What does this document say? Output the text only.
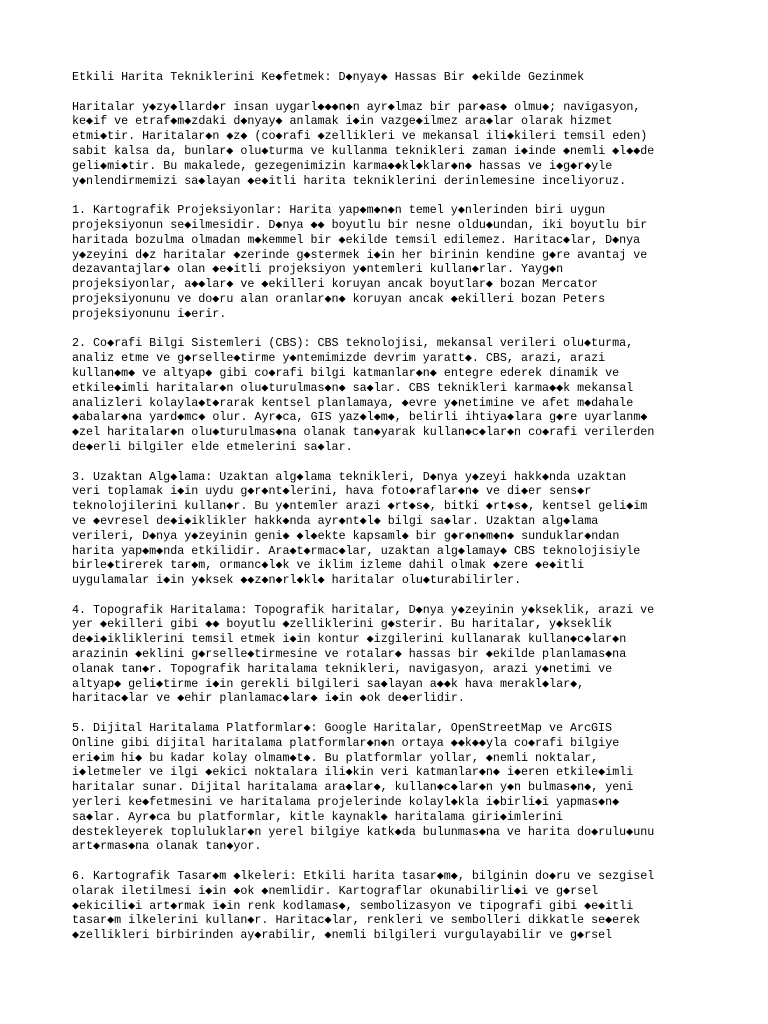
Etkili Harita Tekniklerini Ke◆fetmek: D◆nyay◆ Hassas Bir ◆ekilde Gezinmek

Haritalar y◆zy◆llard◆r insan uygarl◆◆◆n◆n ayr◆lmaz bir par◆as◆ olmu◆; navigasyon,
ke◆if ve etraf◆m◆zdaki d◆nyay◆ anlamak i◆in vazge◆ilmez ara◆lar olarak hizmet
etmi◆tir. Haritalar◆n ◆z◆ (co◆rafi ◆zellikleri ve mekansal ili◆kileri temsil eden)
sabit kalsa da, bunlar◆ olu◆turma ve kullanma teknikleri zaman i◆inde ◆nemli ◆l◆◆de
geli◆mi◆tir. Bu makalede, gezegenimizin karma◆◆kl◆klar◆n◆ hassas ve i◆g◆r◆yle
y◆nlendirmemizi sa◆layan ◆e◆itli harita tekniklerini derinlemesine inceliyoruz.

1. Kartografik Projeksiyonlar: Harita yap◆m◆n◆n temel y◆nlerinden biri uygun
projeksiyonun se◆ilmesidir. D◆nya ◆◆ boyutlu bir nesne oldu◆undan, iki boyutlu bir
haritada bozulma olmadan m◆kemmel bir ◆ekilde temsil edilemez. Haritac◆lar, D◆nya
y◆zeyini d◆z haritalar ◆zerinde g◆stermek i◆in her birinin kendine g◆re avantaj ve
dezavantajlar◆ olan ◆e◆itli projeksiyon y◆ntemleri kullan◆rlar. Yayg◆n
projeksiyonlar, a◆◆lar◆ ve ◆ekilleri koruyan ancak boyutlar◆ bozan Mercator
projeksiyonunu ve do◆ru alan oranlar◆n◆ koruyan ancak ◆ekilleri bozan Peters
projeksiyonunu i◆erir.

2. Co◆rafi Bilgi Sistemleri (CBS): CBS teknolojisi, mekansal verileri olu◆turma,
analiz etme ve g◆rselle◆tirme y◆ntemimizde devrim yaratt◆. CBS, arazi, arazi
kullan◆m◆ ve altyap◆ gibi co◆rafi bilgi katmanlar◆n◆ entegre ederek dinamik ve
etkile◆imli haritalar◆n olu◆turulmas◆n◆ sa◆lar. CBS teknikleri karma◆◆k mekansal
analizleri kolayla◆t◆rarak kentsel planlamaya, ◆evre y◆netimine ve afet m◆dahale
◆abalar◆na yard◆mc◆ olur. Ayr◆ca, GIS yaz◆l◆m◆, belirli ihtiya◆lara g◆re uyarlanm◆
◆zel haritalar◆n olu◆turulmas◆na olanak tan◆yarak kullan◆c◆lar◆n co◆rafi verilerden
de◆erli bilgiler elde etmelerini sa◆lar.

3. Uzaktan Alg◆lama: Uzaktan alg◆lama teknikleri, D◆nya y◆zeyi hakk◆nda uzaktan
veri toplamak i◆in uydu g◆r◆nt◆lerini, hava foto◆raflar◆n◆ ve di◆er sens◆r
teknolojilerini kullan◆r. Bu y◆ntemler arazi ◆rt◆s◆, bitki ◆rt◆s◆, kentsel geli◆im
ve ◆evresel de◆i◆iklikler hakk◆nda ayr◆nt◆l◆ bilgi sa◆lar. Uzaktan alg◆lama
verileri, D◆nya y◆zeyinin geni◆ ◆l◆ekte kapsaml◆ bir g◆r◆n◆m◆n◆ sunduklar◆ndan
harita yap◆m◆nda etkilidir. Ara◆t◆rmac◆lar, uzaktan alg◆lamay◆ CBS teknolojisiyle
birle◆tirerek tar◆m, ormanc◆l◆k ve iklim izleme dahil olmak ◆zere ◆e◆itli
uygulamalar i◆in y◆ksek ◆◆z◆n◆rl◆kl◆ haritalar olu◆turabilirler.

4. Topografik Haritalama: Topografik haritalar, D◆nya y◆zeyinin y◆kseklik, arazi ve
yer ◆ekilleri gibi ◆◆ boyutlu ◆zelliklerini g◆sterir. Bu haritalar, y◆kseklik
de◆i◆ikliklerini temsil etmek i◆in kontur ◆izgilerini kullanarak kullan◆c◆lar◆n
arazinin ◆eklini g◆rselle◆tirmesine ve rotalar◆ hassas bir ◆ekilde planlamas◆na
olanak tan◆r. Topografik haritalama teknikleri, navigasyon, arazi y◆netimi ve
altyap◆ geli◆tirme i◆in gerekli bilgileri sa◆layan a◆◆k hava merakl◆lar◆,
haritac◆lar ve ◆ehir planlamac◆lar◆ i◆in ◆ok de◆erlidir.

5. Dijital Haritalama Platformlar◆: Google Haritalar, OpenStreetMap ve ArcGIS
Online gibi dijital haritalama platformlar◆n◆n ortaya ◆◆k◆◆yla co◆rafi bilgiye
eri◆im hi◆ bu kadar kolay olmam◆t◆. Bu platformlar yollar, ◆nemli noktalar,
i◆letmeler ve ilgi ◆ekici noktalara ili◆kin veri katmanlar◆n◆ i◆eren etkile◆imli
haritalar sunar. Dijital haritalama ara◆lar◆, kullan◆c◆lar◆n y◆n bulmas◆n◆, yeni
yerleri ke◆fetmesini ve haritalama projelerinde kolayl◆kla i◆birli◆i yapmas◆n◆
sa◆lar. Ayr◆ca bu platformlar, kitle kaynakl◆ haritalama giri◆imlerini
destekleyerek topluluklar◆n yerel bilgiye katk◆da bulunmas◆na ve harita do◆rulu◆unu
art◆rmas◆na olanak tan◆yor.

6. Kartografik Tasar◆m ◆lkeleri: Etkili harita tasar◆m◆, bilginin do◆ru ve sezgisel
olarak iletilmesi i◆in ◆ok ◆nemlidir. Kartograflar okunabilirli◆i ve g◆rsel
◆ekicili◆i art◆rmak i◆in renk kodlamas◆, sembolizasyon ve tipografi gibi ◆e◆itli
tasar◆m ilkelerini kullan◆r. Haritac◆lar, renkleri ve sembolleri dikkatle se◆erek
◆zellikleri birbirinden ay◆rabilir, ◆nemli bilgileri vurgulayabilir ve g◆rsel
